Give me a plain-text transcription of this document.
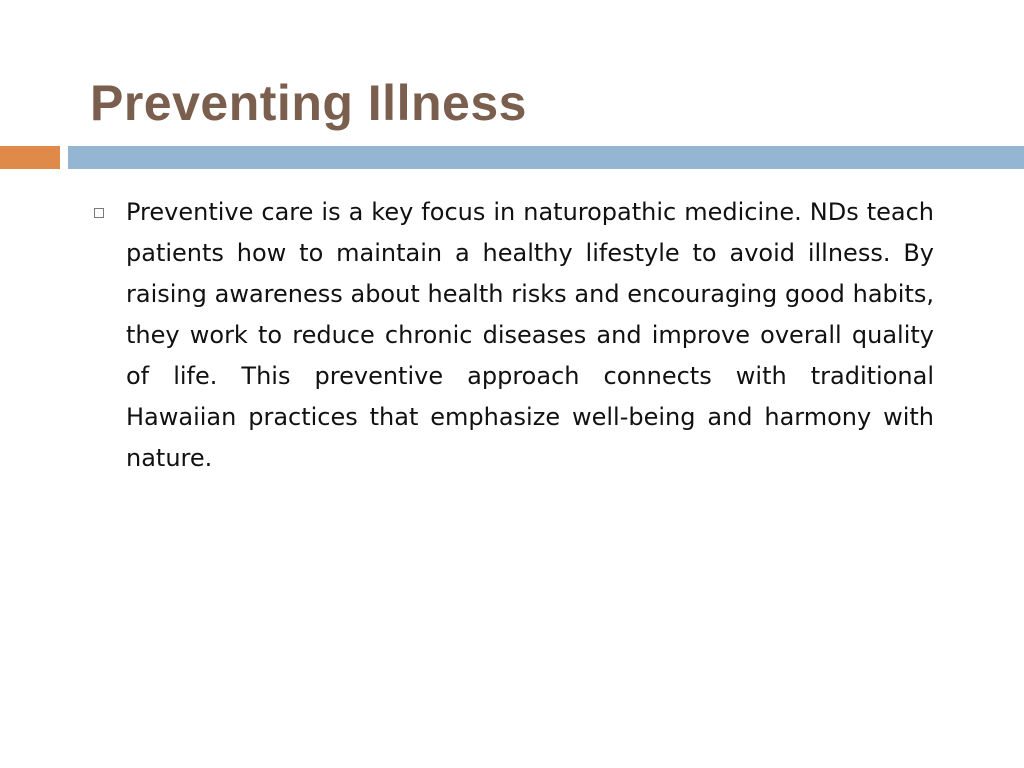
Preventing Illness
Preventive care is a key focus in naturopathic medicine. NDs teach patients how to maintain a healthy lifestyle to avoid illness. By raising awareness about health risks and encouraging good habits, they work to reduce chronic diseases and improve overall quality of life. This preventive approach connects with traditional Hawaiian practices that emphasize well-being and harmony with nature.
